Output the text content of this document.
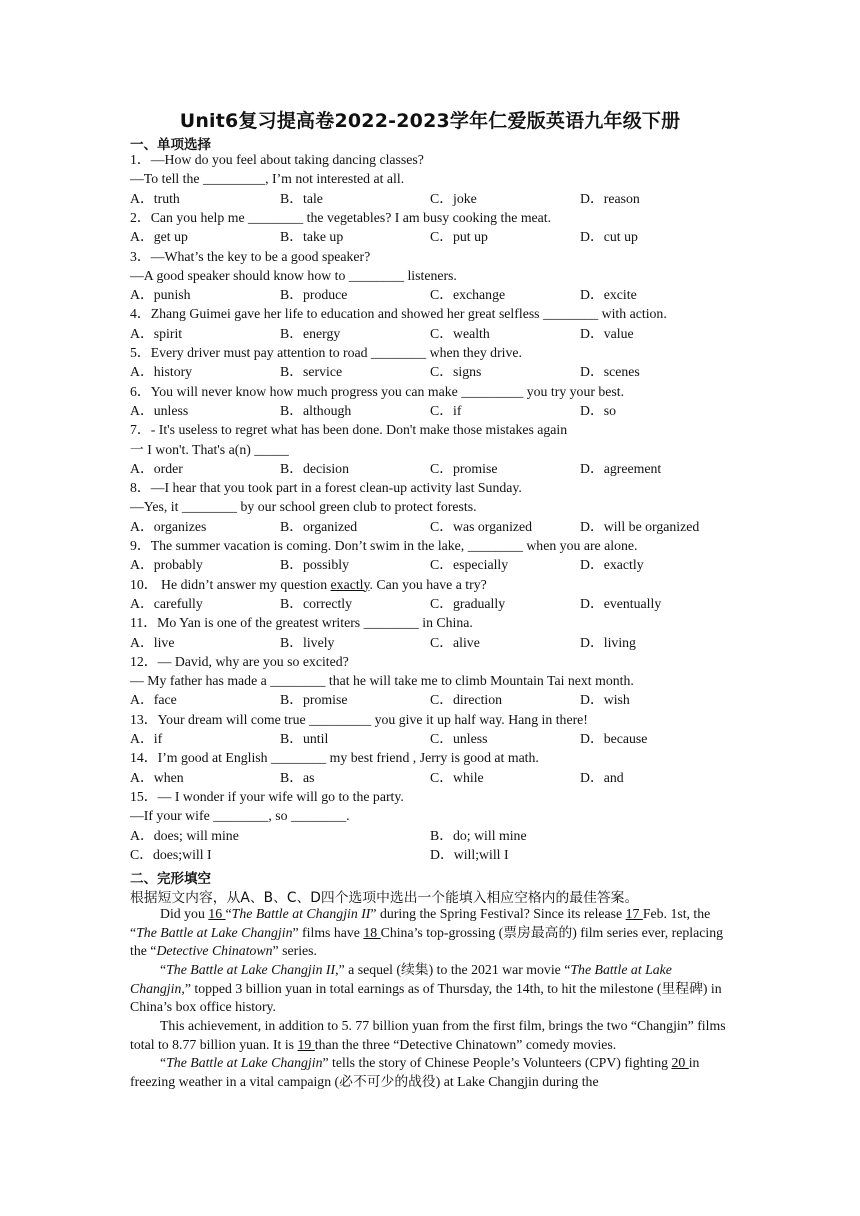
Unit6复习提高卷2022-2023学年仁爱版英语九年级下册
一、单项选择
1．—How do you feel about taking dancing classes?
—To tell the _________, I’m not interested at all.
A．truth	B．tale	C．joke	D．reason
2．Can you help me ________ the vegetables? I am busy cooking the meat.
A．get up	B．take up	C．put up	D．cut up
3．—What’s the key to be a good speaker?
—A good speaker should know how to ________ listeners.
A．punish	B．produce	C．exchange	D．excite
4．Zhang Guimei gave her life to education and showed her great selfless ________ with action.
A．spirit	B．energy	C．wealth	D．value
5．Every driver must pay attention to road ________ when they drive.
A．history	B．service	C．signs	D．scenes
6．You will never know how much progress you can make _________ you try your best.
A．unless	B．although	C．if	D．so
7．- It's useless to regret what has been done. Don't make those mistakes again
一 I won't. That's a(n) _____
A．order	B．decision	C．promise	D．agreement
8．—I hear that you took part in a forest clean-up activity last Sunday.
—Yes, it ________ by our school green club to protect forests.
A．organizes	B．organized	C．was organized	D．will be organized
9．The summer vacation is coming. Don’t swim in the lake, ________ when you are alone.
A．probably	B．possibly	C．especially	D．exactly
10． He didn’t answer my question exactly. Can you have a try?
A．carefully	B．correctly	C．gradually	D．eventually
11．Mo Yan is one of the greatest writers ________ in China.
A．live	B．lively	C．alive	D．living
12．— David, why are you so excited?
— My father has made a ________ that he will take me to climb Mountain Tai next month.
A．face	B．promise	C．direction	D．wish
13．Your dream will come true _________ you give it up half way. Hang in there!
A．if	B．until	C．unless	D．because
14．I’m good at English ________ my best friend , Jerry is good at math.
A．when	B．as	C．while	D．and
15．— I wonder if your wife will go to the party.
—If your wife ________, so ________.
A．does; will mine	B．do; will mine
C．does;will I	D．will;will I
二、完形填空
根据短文内容，从A、B、C、D四个选项中选出一个能填入相应空格内的最佳答案。
Did you 16 “The Battle at Changjin II” during the Spring Festival? Since its release 17 Feb. 1st, the “The Battle at Lake Changjin” films have 18 China’s top-grossing (票房最高的) film series ever, replacing the “Detective Chinatown” series.
“The Battle at Lake Changjin II,” a sequel (续集) to the 2021 war movie “The Battle at Lake Changjin,” topped 3 billion yuan in total earnings as of Thursday, the 14th, to hit the milestone (里程碑) in China’s box office history.
This achievement, in addition to 5. 77 billion yuan from the first film, brings the two “Changjin” films total to 8.77 billion yuan. It is 19 than the three “Detective Chinatown” comedy movies.
“The Battle at Lake Changjin” tells the story of Chinese People’s Volunteers (CPV) fighting 20 in freezing weather in a vital campaign (必不可少的战役) at Lake Changjin during the
